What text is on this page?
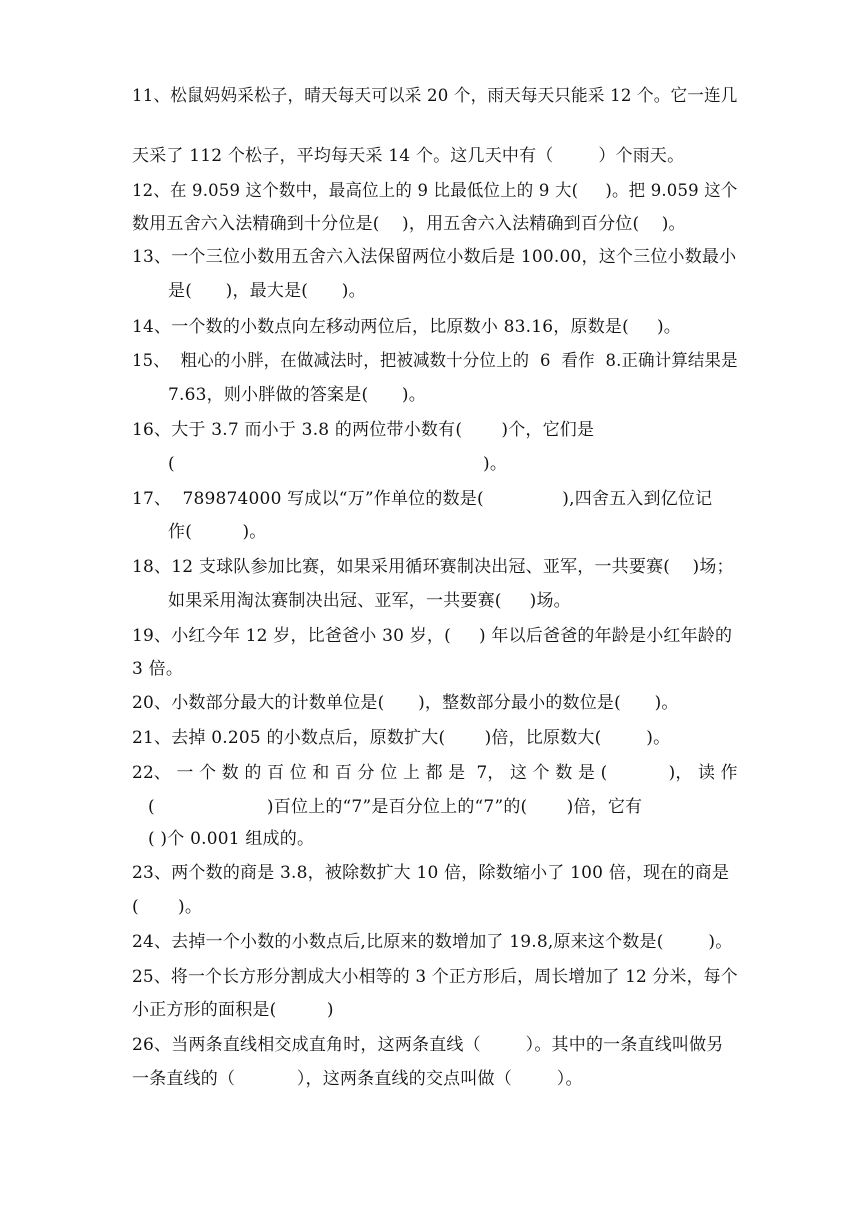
11、松鼠妈妈采松子，晴天每天可以采 20 个，雨天每天只能采 12 个。它一连几
天采了 112 个松子，平均每天采 14 个。这几天中有（        ）个雨天。
12、在 9.059 这个数中，最高位上的 9 比最低位上的 9 大(     )。把 9.059 这个
数用五舍六入法精确到十分位是(    )，用五舍六入法精确到百分位(    )。
13、一个三位小数用五舍六入法保留两位小数后是 100.00，这个三位小数最小
是(      )，最大是(      )。
14、一个数的小数点向左移动两位后，比原数小 83.16，原数是(     )。
15、  粗心的小胖，在做减法时，把被减数十分位上的  6  看作  8.正确计算结果是
7.63，则小胖做的答案是(      )。
16、大于 3.7 而小于 3.8 的两位带小数有(       )个，它们是
(                                                       )。
17、  789874000 写成以“万”作单位的数是(              ),四舍五入到亿位记
作(         )。
18、12 支球队参加比赛，如果采用循环赛制决出冠、亚军，一共要赛(    )场；
如果采用淘汰赛制决出冠、亚军，一共要赛(     )场。
19、小红今年 12 岁，比爸爸小 30 岁，(     ) 年以后爸爸的年龄是小红年龄的
3 倍。
20、小数部分最大的计数单位是(      )，整数部分最小的数位是(      )。
21、去掉 0.205 的小数点后，原数扩大(       )倍，比原数大(        )。
22、 一 个 数 的 百 位 和 百 分 位 上 都 是  7， 这 个 数 是 (           )， 读 作
(                    )百位上的“7”是百分位上的“7”的(       )倍，它有
( )个 0.001 组成的。
23、两个数的商是 3.8，被除数扩大 10 倍，除数缩小了 100 倍，现在的商是
(       )。
24、去掉一个小数的小数点后,比原来的数增加了 19.8,原来这个数是(        )。
25、将一个长方形分割成大小相等的 3 个正方形后，周长增加了 12 分米，每个
小正方形的面积是(         )
26、当两条直线相交成直角时，这两条直线（        ）。其中的一条直线叫做另
一条直线的（           ），这两条直线的交点叫做（        ）。
